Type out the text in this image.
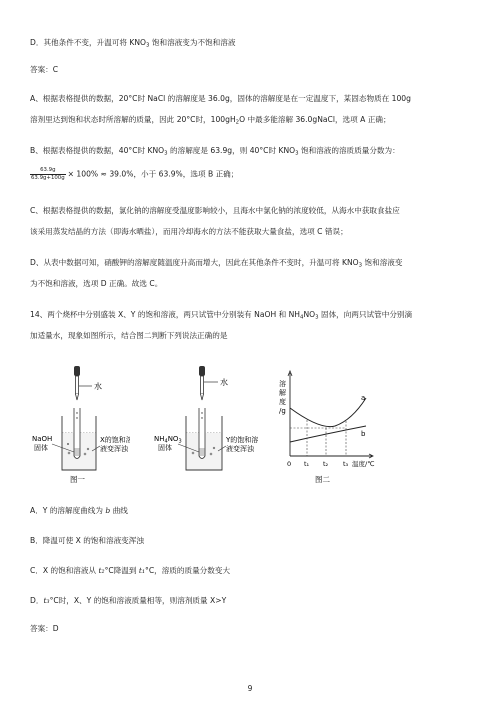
D．其他条件不变，升温可将 $KNO_3$ 饱和溶液变为不饱和溶液
答案：C
A、根据表格提供的数据，20°C时 NaCl 的溶解度是 36.0g，固体的溶解度是在一定温度下，某固态物质在 100g
溶剂里达到饱和状态时所溶解的质量，因此 20°C时，$100gH_2O$ 中最多能溶解 36.0gNaCl，选项 A 正确；
B、根据表格提供的数据，40°C时 $KNO_3$ 的溶解度是 63.9g，则 40°C时 $KNO_3$ 饱和溶液的溶质质量分数为：
$\frac{63.9g}{63.9g+100g} \times 100\% \approx 39.0\%$，小于 63.9%，选项 B 正确；
C、根据表格提供的数据，氯化钠的溶解度受温度影响较小，且海水中氯化钠的浓度较低，从海水中获取食盐应
该采用蒸发结晶的方法（即海水晒盐），而用冷却海水的方法不能获取大量食盐，选项 C 错误；
D、从表中数据可知，硝酸钾的溶解度随温度升高而增大，因此在其他条件不变时，升温可将 $KNO_3$ 饱和溶液变
为不饱和溶液，选项 D 正确。故选 C。
14、两个烧杯中分别盛装 X、Y 的饱和溶液，两只试管中分别装有 NaOH 和 $NH_4NO_3$ 固体，向两只试管中分别滴
加适量水，现象如图所示，结合图二判断下列说法正确的是
水
NaOH
固体
X的饱和溶
液变浑浊
图一
水
$NH_4NO_3$
固体
Y的饱和溶
液变浑浊
溶
解
度
/g
a
b
0 t₁ t₂ t₃ 温度/℃
图二
A．Y 的溶解度曲线为 b 曲线
B．降温可使 X 的饱和溶液变浑浊
C．X 的饱和溶液从 t₂°C降温到 t₁°C，溶质的质量分数变大
D．t₃°C时，X、Y 的饱和溶液质量相等，则溶剂质量 X>Y
答案：D
9
